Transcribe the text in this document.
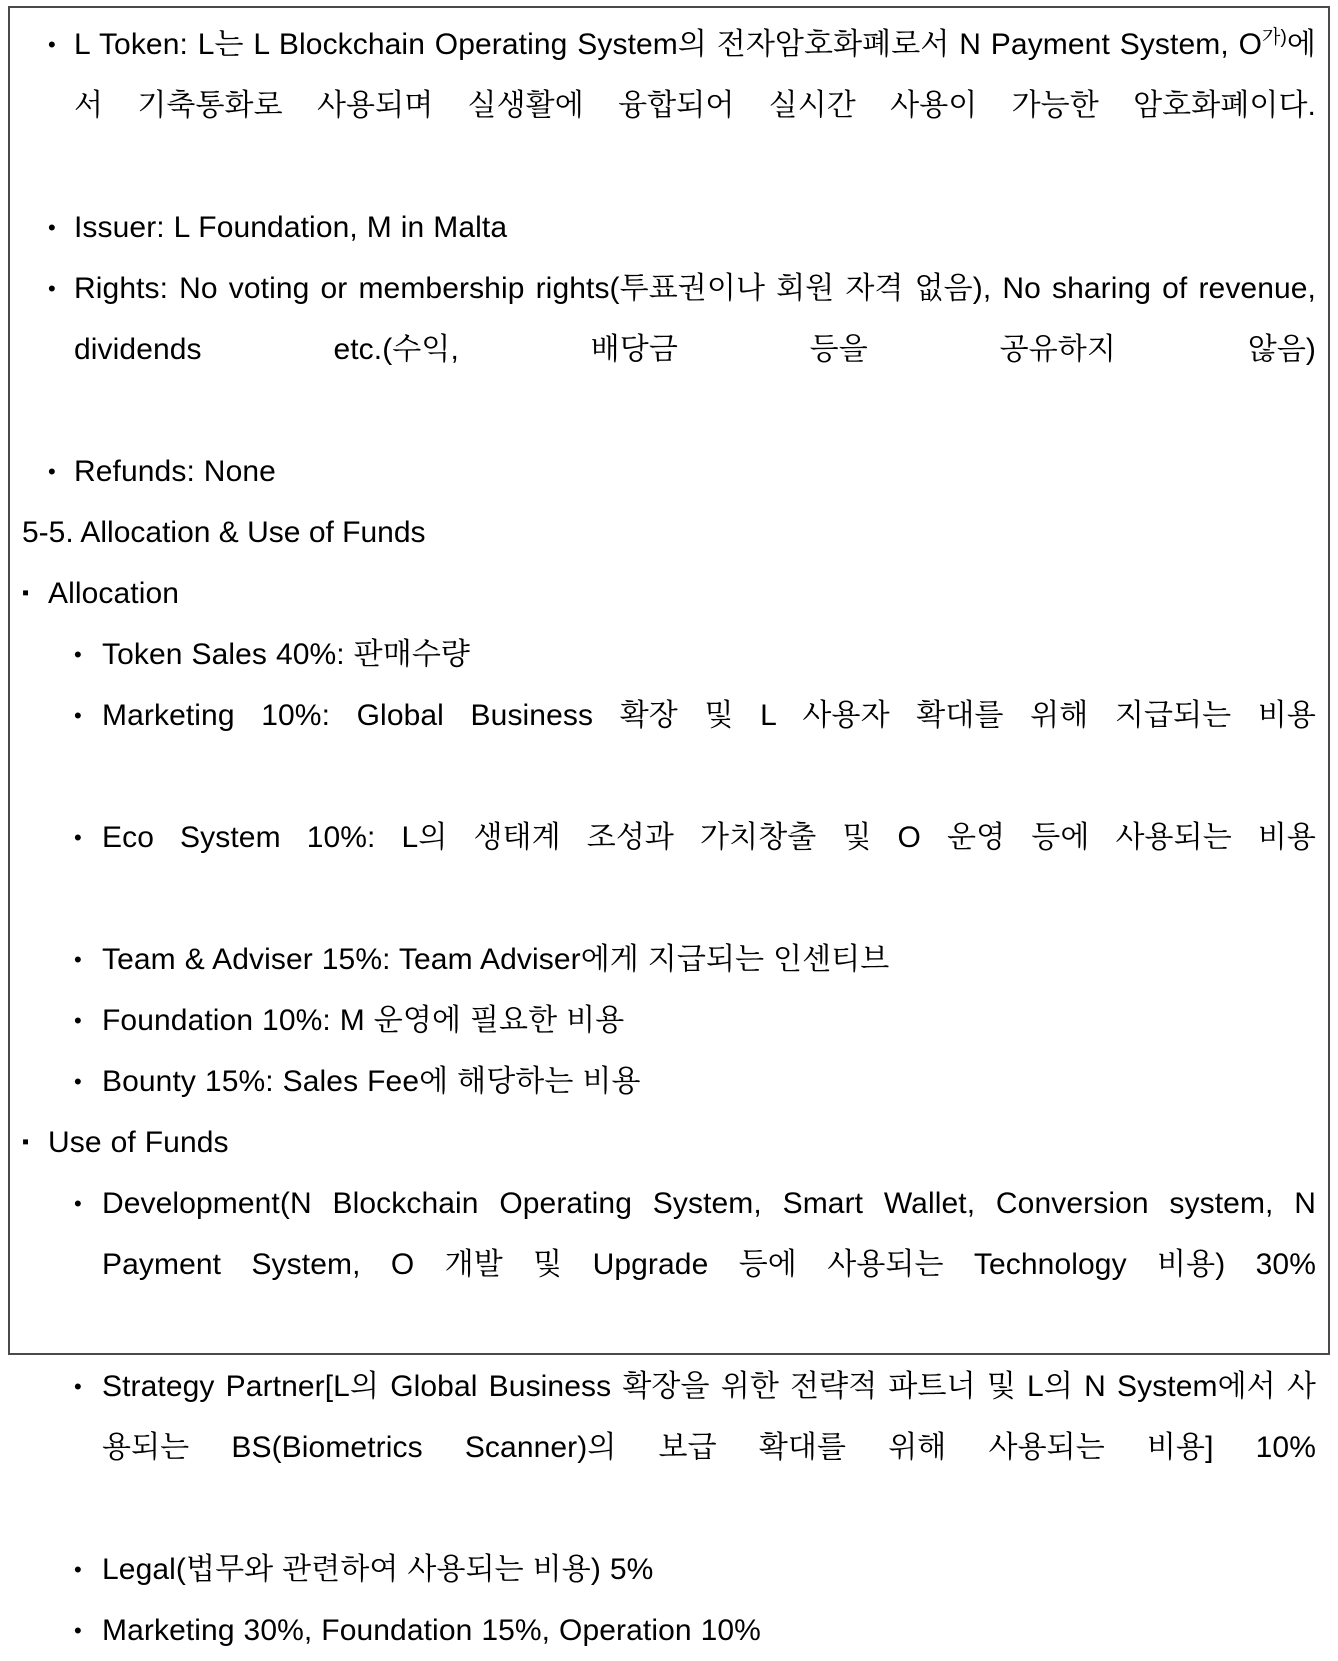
• L Token: L는 L Blockchain Operating System의 전자암호화폐로서 N Payment System, $O^{가)}$에서 기축통화로 사용되며 실생활에 융합되어 실시간 사용이 가능한 암호화폐이다.
• Issuer: L Foundation, M in Malta
• Rights: No voting or membership rights(투표권이나 회원 자격 없음), No sharing of revenue, dividends etc.(수익, 배당금 등을 공유하지 않음)
• Refunds: None
5-5. Allocation & Use of Funds
▪ Allocation
• Token Sales 40%: 판매수량
• Marketing 10%: Global Business 확장 및 L 사용자 확대를 위해 지급되는 비용
• Eco System 10%: L의 생태계 조성과 가치창출 및 O 운영 등에 사용되는 비용
• Team & Adviser 15%: Team Adviser에게 지급되는 인센티브
• Foundation 10%: M 운영에 필요한 비용
• Bounty 15%: Sales Fee에 해당하는 비용
▪ Use of Funds
• Development(N Blockchain Operating System, Smart Wallet, Conversion system, N Payment System, O 개발 및 Upgrade 등에 사용되는 Technology 비용) 30%
• Strategy Partner[L의 Global Business 확장을 위한 전략적 파트너 및 L의 N System에서 사용되는 BS(Biometrics Scanner)의 보급 확대를 위해 사용되는 비용] 10%
• Legal(법무와 관련하여 사용되는 비용) 5%
• Marketing 30%, Foundation 15%, Operation 10%
